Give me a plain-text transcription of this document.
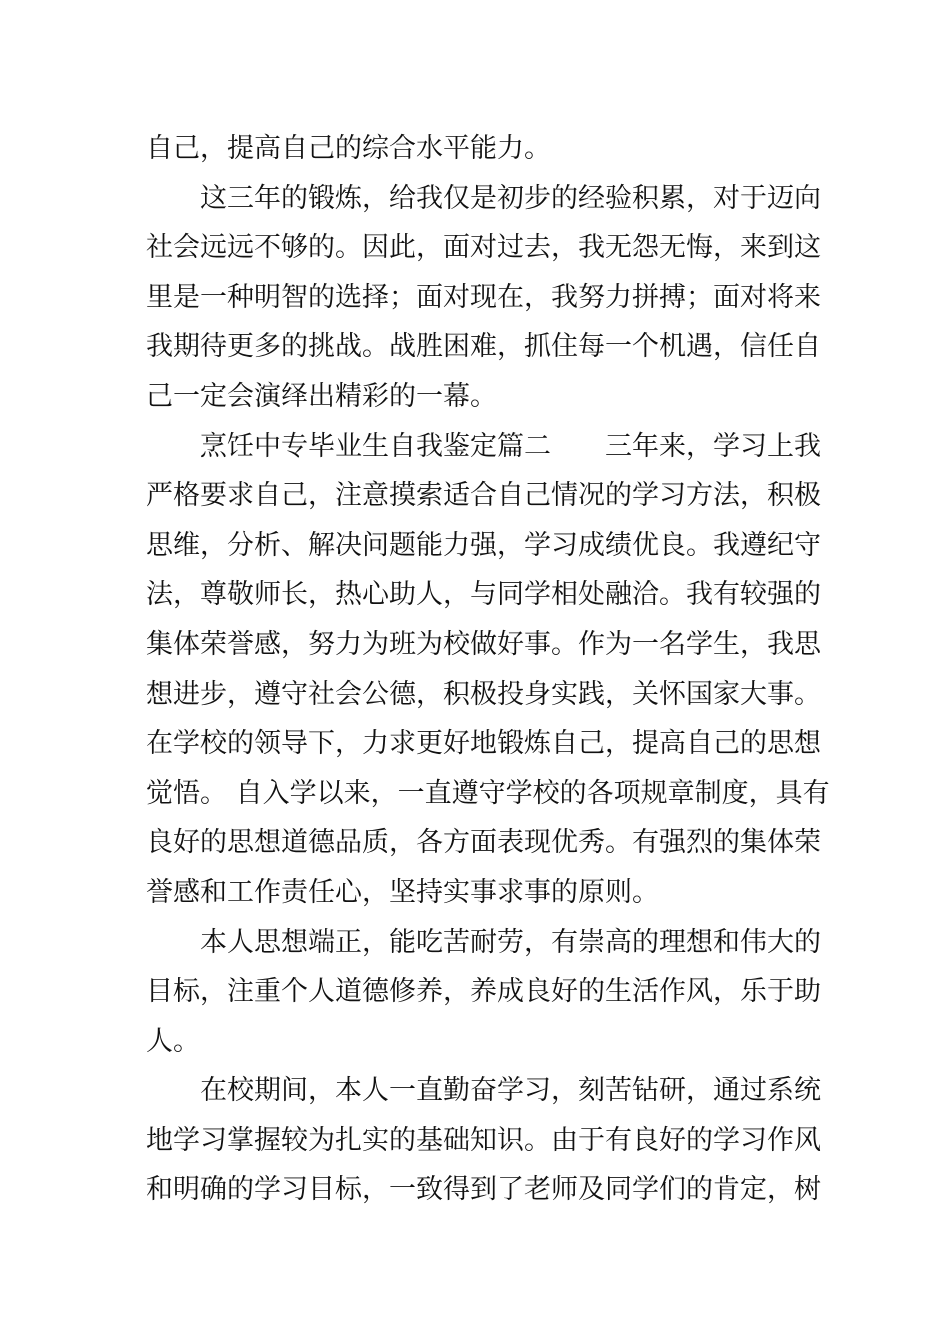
自己，提高自己的综合水平能力。
这三年的锻炼，给我仅是初步的经验积累，对于迈向
社会远远不够的。因此，面对过去，我无怨无悔，来到这
里是一种明智的选择；面对现在，我努力拼搏；面对将来
我期待更多的挑战。战胜困难，抓住每一个机遇，信任自
己一定会演绎出精彩的一幕。
烹饪中专毕业生自我鉴定篇二　　三年来，学习上我
严格要求自己，注意摸索适合自己情况的学习方法，积极
思维，分析、解决问题能力强，学习成绩优良。我遵纪守
法，尊敬师长，热心助人，与同学相处融洽。我有较强的
集体荣誉感，努力为班为校做好事。作为一名学生，我思
想进步，遵守社会公德，积极投身实践，关怀国家大事。
在学校的领导下，力求更好地锻炼自己，提高自己的思想
觉悟。 自入学以来，一直遵守学校的各项规章制度，具有
良好的思想道德品质，各方面表现优秀。有强烈的集体荣
誉感和工作责任心，坚持实事求事的原则。
本人思想端正，能吃苦耐劳，有崇高的理想和伟大的
目标，注重个人道德修养，养成良好的生活作风，乐于助
人。
在校期间，本人一直勤奋学习，刻苦钻研，通过系统
地学习掌握较为扎实的基础知识。由于有良好的学习作风
和明确的学习目标，一致得到了老师及同学们的肯定，树
